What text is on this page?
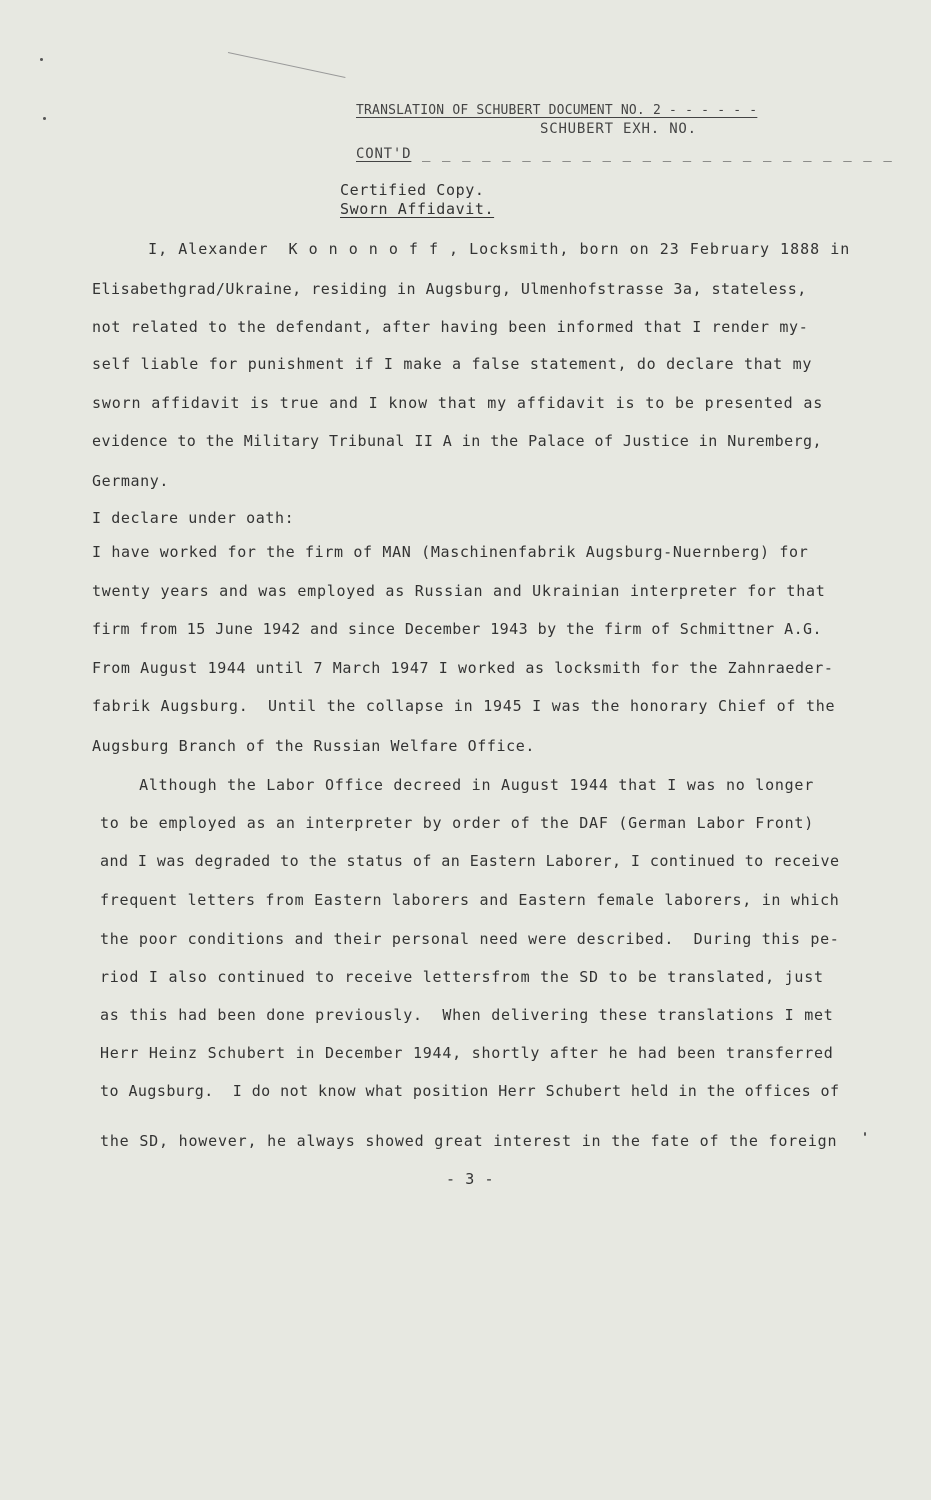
TRANSLATION OF SCHUBERT DOCUMENT NO. 2 - - - - - -
SCHUBERT EXH. NO.
CONT'D _ _ _ _ _ _ _ _ _ _ _ _ _ _ _ _ _ _ _ _ _ _ _ _
Certified Copy.
Sworn Affidavit.
I, Alexander  K o n o n o f f , Locksmith, born on 23 February 1888 in
Elisabethgrad/Ukraine, residing in Augsburg, Ulmenhofstrasse 3a, stateless,
not related to the defendant, after having been informed that I render my-
self liable for punishment if I make a false statement, do declare that my
sworn affidavit is true and I know that my affidavit is to be presented as
evidence to the Military Tribunal II A in the Palace of Justice in Nuremberg,
Germany.
I declare under oath:
I have worked for the firm of MAN (Maschinenfabrik Augsburg-Nuernberg) for
twenty years and was employed as Russian and Ukrainian interpreter for that
firm from 15 June 1942 and since December 1943 by the firm of Schmittner A.G.
From August 1944 until 7 March 1947 I worked as locksmith for the Zahnraeder-
fabrik Augsburg.  Until the collapse in 1945 I was the honorary Chief of the
Augsburg Branch of the Russian Welfare Office.
Although the Labor Office decreed in August 1944 that I was no longer
to be employed as an interpreter by order of the DAF (German Labor Front)
and I was degraded to the status of an Eastern Laborer, I continued to receive
frequent letters from Eastern laborers and Eastern female laborers, in which
the poor conditions and their personal need were described.  During this pe-
riod I also continued to receive lettersfrom the SD to be translated, just
as this had been done previously.  When delivering these translations I met
Herr Heinz Schubert in December 1944, shortly after he had been transferred
to Augsburg.  I do not know what position Herr Schubert held in the offices of
the SD, however, he always showed great interest in the fate of the foreign
- 3 -
